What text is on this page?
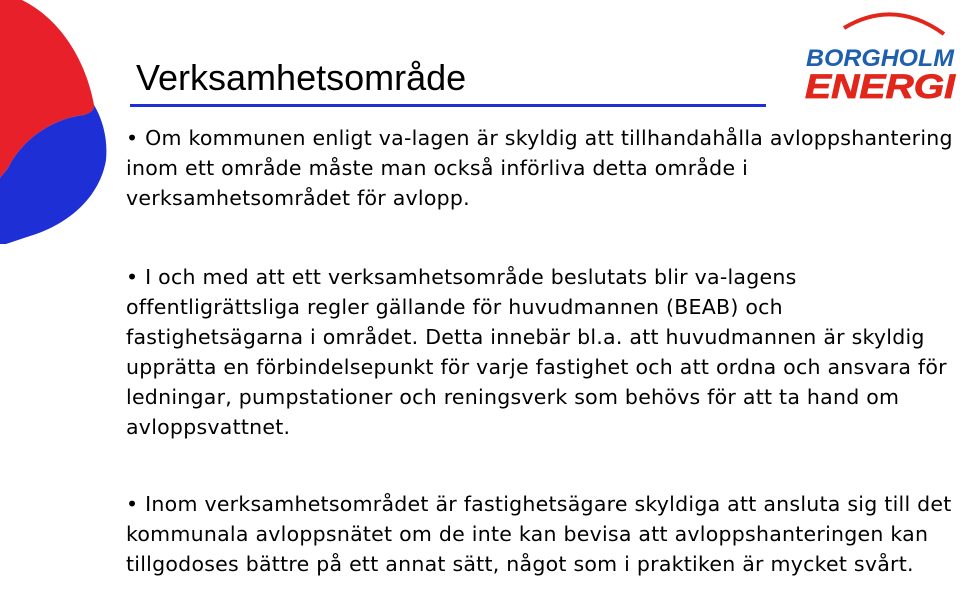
BORGHOLM
ENERGI
Verksamhetsområde

• Om kommunen enligt va-lagen är skyldig att tillhandahålla avloppshantering inom ett område måste man också införliva detta område i verksamhetsområdet för avlopp.

• I och med att ett verksamhetsområde beslutats blir va-lagens offentligrättsliga regler gällande för huvudmannen (BEAB) och fastighetsägarna i området. Detta innebär bl.a. att huvudmannen är skyldig upprätta en förbindelsepunkt för varje fastighet och att ordna och ansvara för ledningar, pumpstationer och reningsverk som behövs för att ta hand om avloppsvattnet.

• Inom verksamhetsområdet är fastighetsägare skyldiga att ansluta sig till det kommunala avloppsnätet om de inte kan bevisa att avloppshanteringen kan tillgodoses bättre på ett annat sätt, något som i praktiken är mycket svårt.
